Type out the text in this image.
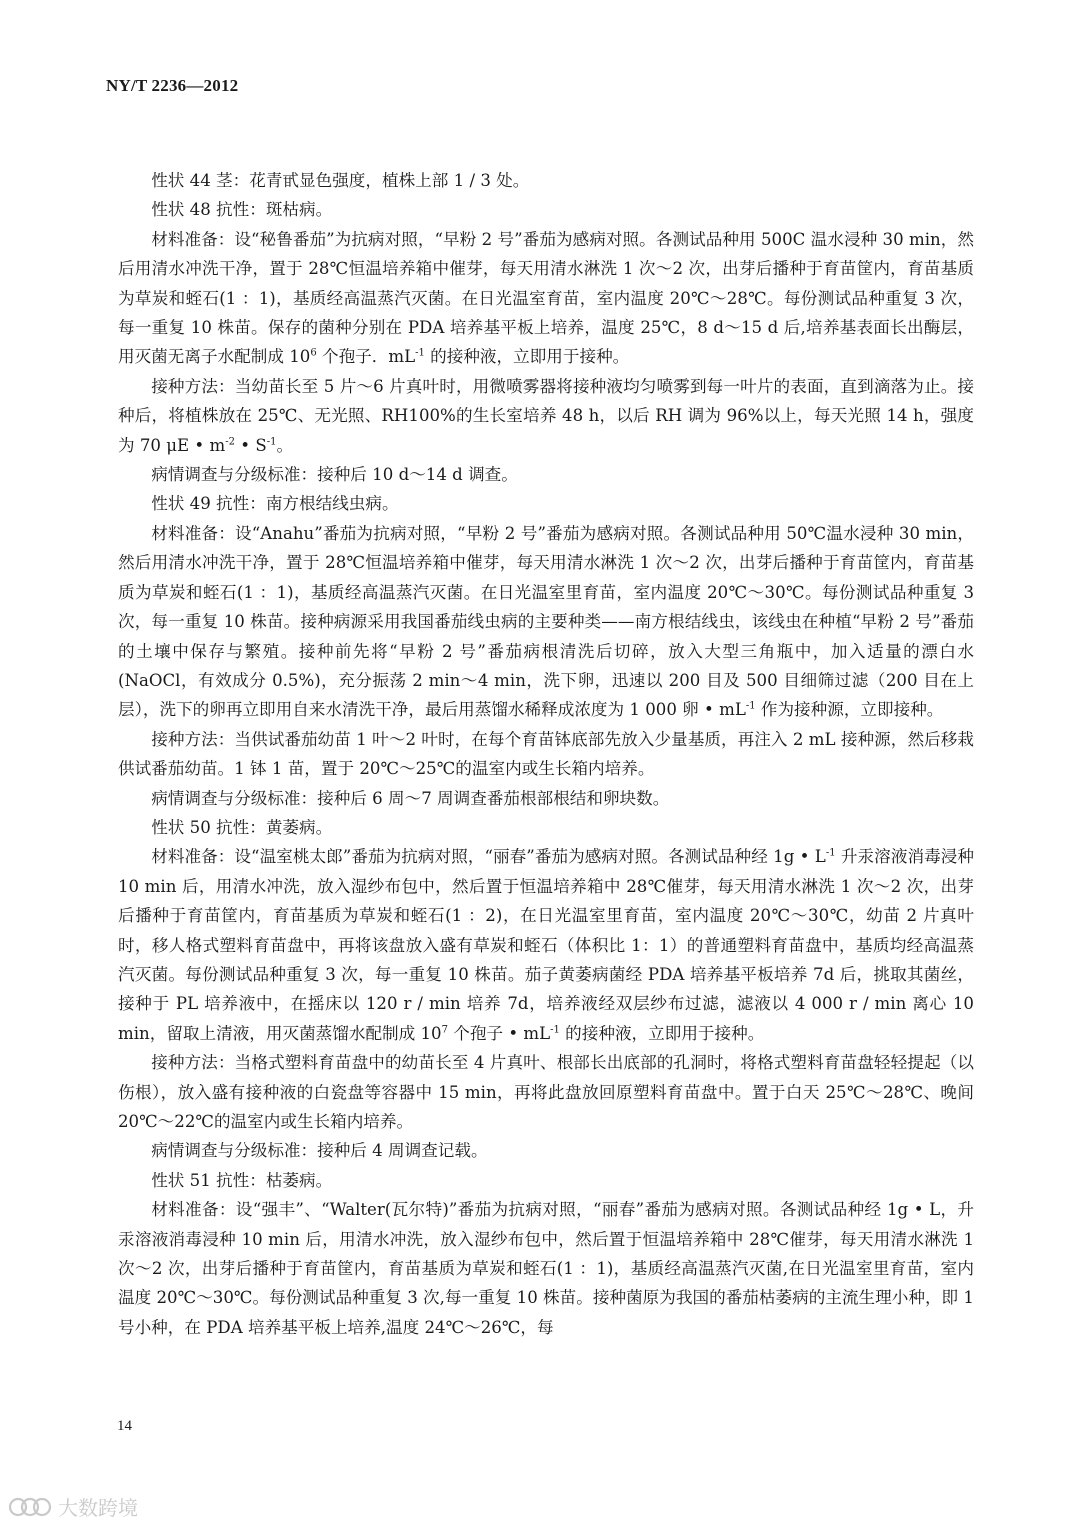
NY/T 2236—2012

性状 44 茎：花青甙显色强度，植株上部 1 / 3 处。

性状 48 抗性：斑枯病。

材料准备：设“秘鲁番茄”为抗病对照，“早粉 2 号”番茄为感病对照。各测试品种用 500C 温水浸种 30 min，然后用清水冲洗干净，置于 28℃恒温培养箱中催芽，每天用清水淋洗 1 次～2 次，出芽后播种于育苗筐内，育苗基质为草炭和蛭石(1 ：1)，基质经高温蒸汽灭菌。在日光温室育苗，室内温度 20℃～28℃。每份测试品种重复 3 次，每一重复 10 株苗。保存的菌种分别在 PDA 培养基平板上培养，温度 25℃，8 d～15 d 后,培养基表面长出酶层，用灭菌无离子水配制成 $10^6$ 个孢子．$mL^{-1}$ 的接种液，立即用于接种。

接种方法：当幼苗长至 5 片～6 片真叶时，用微喷雾器将接种液均匀喷雾到每一叶片的表面，直到滴落为止。接种后，将植株放在 25℃、无光照、RH100%的生长室培养 48 h，以后 RH 调为 96%以上，每天光照 14 h，强度为 70 μE • $m^{-2}$ • $S^{-1}$。

病情调查与分级标准：接种后 10 d～14 d 调查。

性状 49 抗性：南方根结线虫病。

材料准备：设“Anahu”番茄为抗病对照，“早粉 2 号”番茄为感病对照。各测试品种用 50℃温水浸种 30 min，然后用清水冲洗干净，置于 28℃恒温培养箱中催芽，每天用清水淋洗 1 次～2 次，出芽后播种于育苗筐内，育苗基质为草炭和蛭石(1 ：1)，基质经高温蒸汽灭菌。在日光温室里育苗，室内温度 20℃～30℃。每份测试品种重复 3 次，每一重复 10 株苗。接种病源采用我国番茄线虫病的主要种类——南方根结线虫，该线虫在种植“早粉 2 号”番茄的土壤中保存与繁殖。接种前先将“早粉 2 号”番茄病根清洗后切碎，放入大型三角瓶中，加入适量的漂白水(NaOCl，有效成分 0.5%)，充分振荡 2 min～4 min，洗下卵，迅速以 200 目及 500 目细筛过滤（200 目在上层），洗下的卵再立即用自来水清洗干净，最后用蒸馏水稀释成浓度为 1 000 卵 • $mL^{-1}$ 作为接种源，立即接种。

接种方法：当供试番茄幼苗 1 叶～2 叶时，在每个育苗钵底部先放入少量基质，再注入 2 mL 接种源，然后移栽供试番茄幼苗。1 钵 1 苗，置于 20℃～25℃的温室内或生长箱内培养。

病情调查与分级标准：接种后 6 周～7 周调查番茄根部根结和卵块数。

性状 50 抗性：黄萎病。

材料准备：设“温室桃太郎”番茄为抗病对照，“丽春”番茄为感病对照。各测试品种经 1g • $L^{-1}$ 升汞溶液消毒浸种 10 min 后，用清水冲洗，放入湿纱布包中，然后置于恒温培养箱中 28℃催芽，每天用清水淋洗 1 次～2 次，出芽后播种于育苗筐内，育苗基质为草炭和蛭石(1 ：2)，在日光温室里育苗，室内温度 20℃～30℃，幼苗 2 片真叶时，移人格式塑料育苗盘中，再将该盘放入盛有草炭和蛭石（体积比 1：1）的普通塑料育苗盘中，基质均经高温蒸汽灭菌。每份测试品种重复 3 次，每一重复 10 株苗。茄子黄萎病菌经 PDA 培养基平板培养 7d 后，挑取其菌丝，接种于 PL 培养液中，在摇床以 120 r / min 培养 7d，培养液经双层纱布过滤，滤液以 4 000 r / min 离心 10 min，留取上清液，用灭菌蒸馏水配制成 $10^7$ 个孢子 • $mL^{-1}$ 的接种液，立即用于接种。

接种方法：当格式塑料育苗盘中的幼苗长至 4 片真叶、根部长出底部的孔洞时，将格式塑料育苗盘轻轻提起（以伤根），放入盛有接种液的白瓷盘等容器中 15 min，再将此盘放回原塑料育苗盘中。置于白天 25℃～28℃、晚间 20℃～22℃的温室内或生长箱内培养。

病情调查与分级标准：接种后 4 周调查记载。

性状 51 抗性：枯萎病。

材料准备：设“强丰”、“Walter(瓦尔特)”番茄为抗病对照，“丽春”番茄为感病对照。各测试品种经 1g • L，升汞溶液消毒浸种 10 min 后，用清水冲洗，放入湿纱布包中，然后置于恒温培养箱中 28℃催芽，每天用清水淋洗 1 次～2 次，出芽后播种于育苗筐内，育苗基质为草炭和蛭石(1 ：1)，基质经高温蒸汽灭菌,在日光温室里育苗，室内温度 20℃～30℃。每份测试品种重复 3 次,每一重复 10 株苗。接种菌原为我国的番茄枯萎病的主流生理小种，即 1 号小种，在 PDA 培养基平板上培养,温度 24℃～26℃，每

14
大数跨境
